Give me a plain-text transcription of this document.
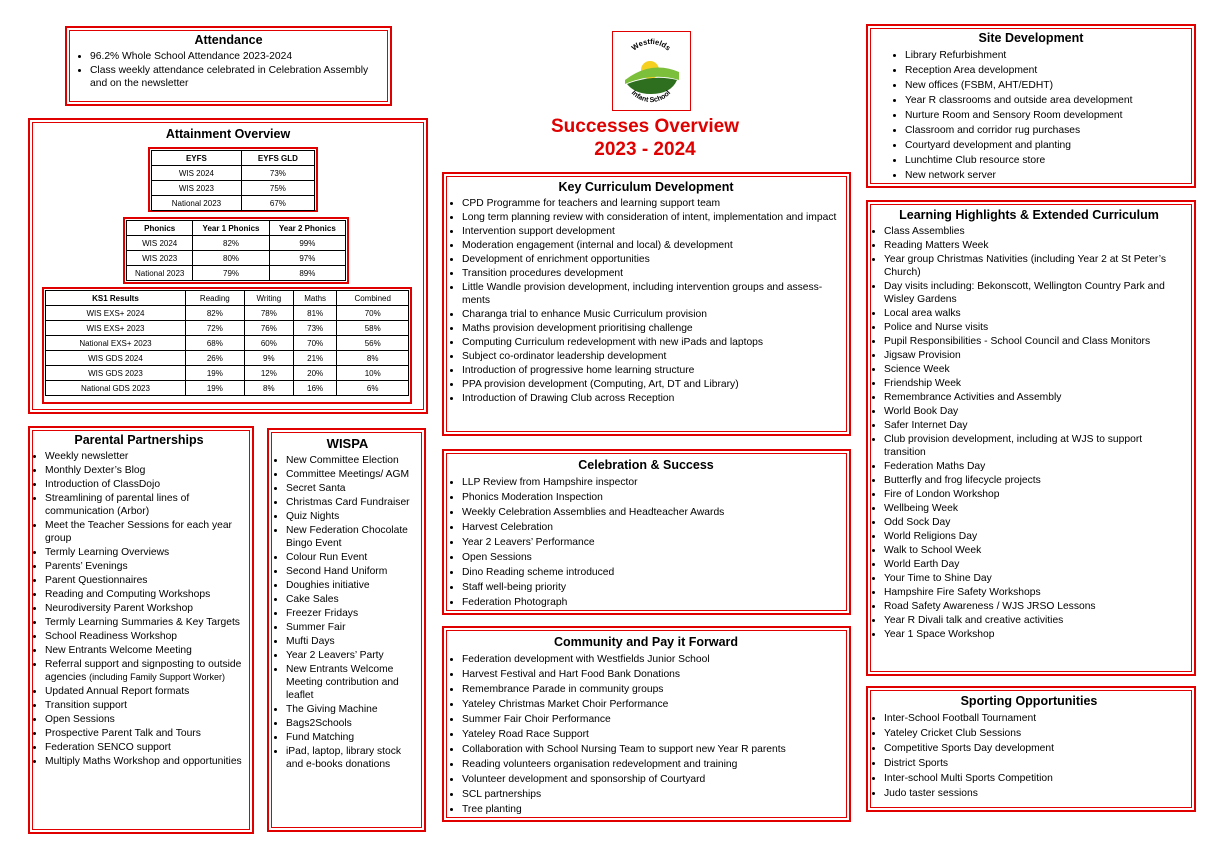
Attendance
• 96.2% Whole School Attendance 2023-2024
• Class weekly attendance celebrated in Celebration Assembly and on the newsletter
Attainment Overview
EYFS	EYFS GLD
WIS 2024	73%
WIS 2023	75%
National 2023	67%
Phonics	Year 1 Phonics	Year 2 Phonics
WIS 2024	82%	99%
WIS 2023	80%	97%
National 2023	79%	89%
KS1 Results	Reading	Writing	Maths	Combined
WIS EXS+ 2024	82%	78%	81%	70%
WIS EXS+ 2023	72%	76%	73%	58%
National EXS+ 2023	68%	60%	70%	56%
WIS GDS 2024	26%	9%	21%	8%
WIS GDS 2023	19%	12%	20%	10%
National GDS 2023	19%	8%	16%	6%
Parental Partnerships
• Weekly newsletter
• Monthly Dexter’s Blog
• Introduction of ClassDojo
• Streamlining of parental lines of communication (Arbor)
• Meet the Teacher Sessions for each year group
• Termly Learning Overviews
• Parents’ Evenings
• Parent Questionnaires
• Reading and Computing Workshops
• Neurodiversity Parent Workshop
• Termly Learning Summaries & Key Targets
• School Readiness Workshop
• New Entrants Welcome Meeting
• Referral support and signposting to outside agencies (including Family Support Worker)
• Updated Annual Report formats
• Transition support
• Open Sessions
• Prospective Parent Talk and Tours
• Federation SENCO support
• Multiply Maths Workshop and opportunities
WISPA
• New Committee Election
• Committee Meetings/ AGM
• Secret Santa
• Christmas Card Fundraiser
• Quiz Nights
• New Federation Chocolate Bingo Event
• Colour Run Event
• Second Hand Uniform
• Doughies initiative
• Cake Sales
• Freezer Fridays
• Summer Fair
• Mufti Days
• Year 2 Leavers’ Party
• New Entrants Welcome Meeting contribution and leaflet
• The Giving Machine
• Bags2Schools
• Fund Matching
• iPad, laptop, library stock and e-books donations
Westfields
Infant School
Successes Overview
2023 - 2024
Key Curriculum Development
• CPD Programme for teachers and learning support team
• Long term planning review with consideration of intent, implementation and impact
• Intervention support development
• Moderation engagement (internal and local) & development
• Development of enrichment opportunities
• Transition procedures development
• Little Wandle provision development, including intervention groups and assess-ments
• Charanga trial to enhance Music Curriculum provision
• Maths provision development prioritising challenge
• Computing Curriculum redevelopment with new iPads and laptops
• Subject co-ordinator leadership development
• Introduction of progressive home learning structure
• PPA provision development (Computing, Art, DT and Library)
• Introduction of Drawing Club across Reception
Celebration & Success
• LLP Review from Hampshire inspector
• Phonics Moderation Inspection
• Weekly Celebration Assemblies and Headteacher Awards
• Harvest Celebration
• Year 2 Leavers’ Performance
• Open Sessions
• Dino Reading scheme introduced
• Staff well-being priority
• Federation Photograph
Community and Pay it Forward
• Federation development with Westfields Junior School
• Harvest Festival and Hart Food Bank Donations
• Remembrance Parade in community groups
• Yateley Christmas Market Choir Performance
• Summer Fair Choir Performance
• Yateley Road Race Support
• Collaboration with School Nursing Team to support new Year R parents
• Reading volunteers organisation redevelopment and training
• Volunteer development and sponsorship of Courtyard
• SCL partnerships
• Tree planting
Site Development
• Library Refurbishment
• Reception Area development
• New offices (FSBM, AHT/EDHT)
• Year R classrooms and outside area development
• Nurture Room and Sensory Room development
• Classroom and corridor rug purchases
• Courtyard development and planting
• Lunchtime Club resource store
• New network server
Learning Highlights & Extended Curriculum
• Class Assemblies
• Reading Matters Week
• Year group Christmas Nativities (including Year 2 at St Peter’s Church)
• Day visits including: Bekonscott, Wellington Country Park and Wisley Gardens
• Local area walks
• Police and Nurse visits
• Pupil Responsibilities - School Council and Class Monitors
• Jigsaw Provision
• Science Week
• Friendship Week
• Remembrance Activities and Assembly
• World Book Day
• Safer Internet Day
• Club provision development, including at WJS to support transition
• Federation Maths Day
• Butterfly and frog lifecycle projects
• Fire of London Workshop
• Wellbeing Week
• Odd Sock Day
• World Religions Day
• Walk to School Week
• World Earth Day
• Your Time to Shine Day
• Hampshire Fire Safety Workshops
• Road Safety Awareness / WJS JRSO Lessons
• Year R Divali talk and creative activities
• Year 1 Space Workshop
Sporting Opportunities
• Inter-School Football Tournament
• Yateley Cricket Club Sessions
• Competitive Sports Day development
• District Sports
• Inter-school Multi Sports Competition
• Judo taster sessions
